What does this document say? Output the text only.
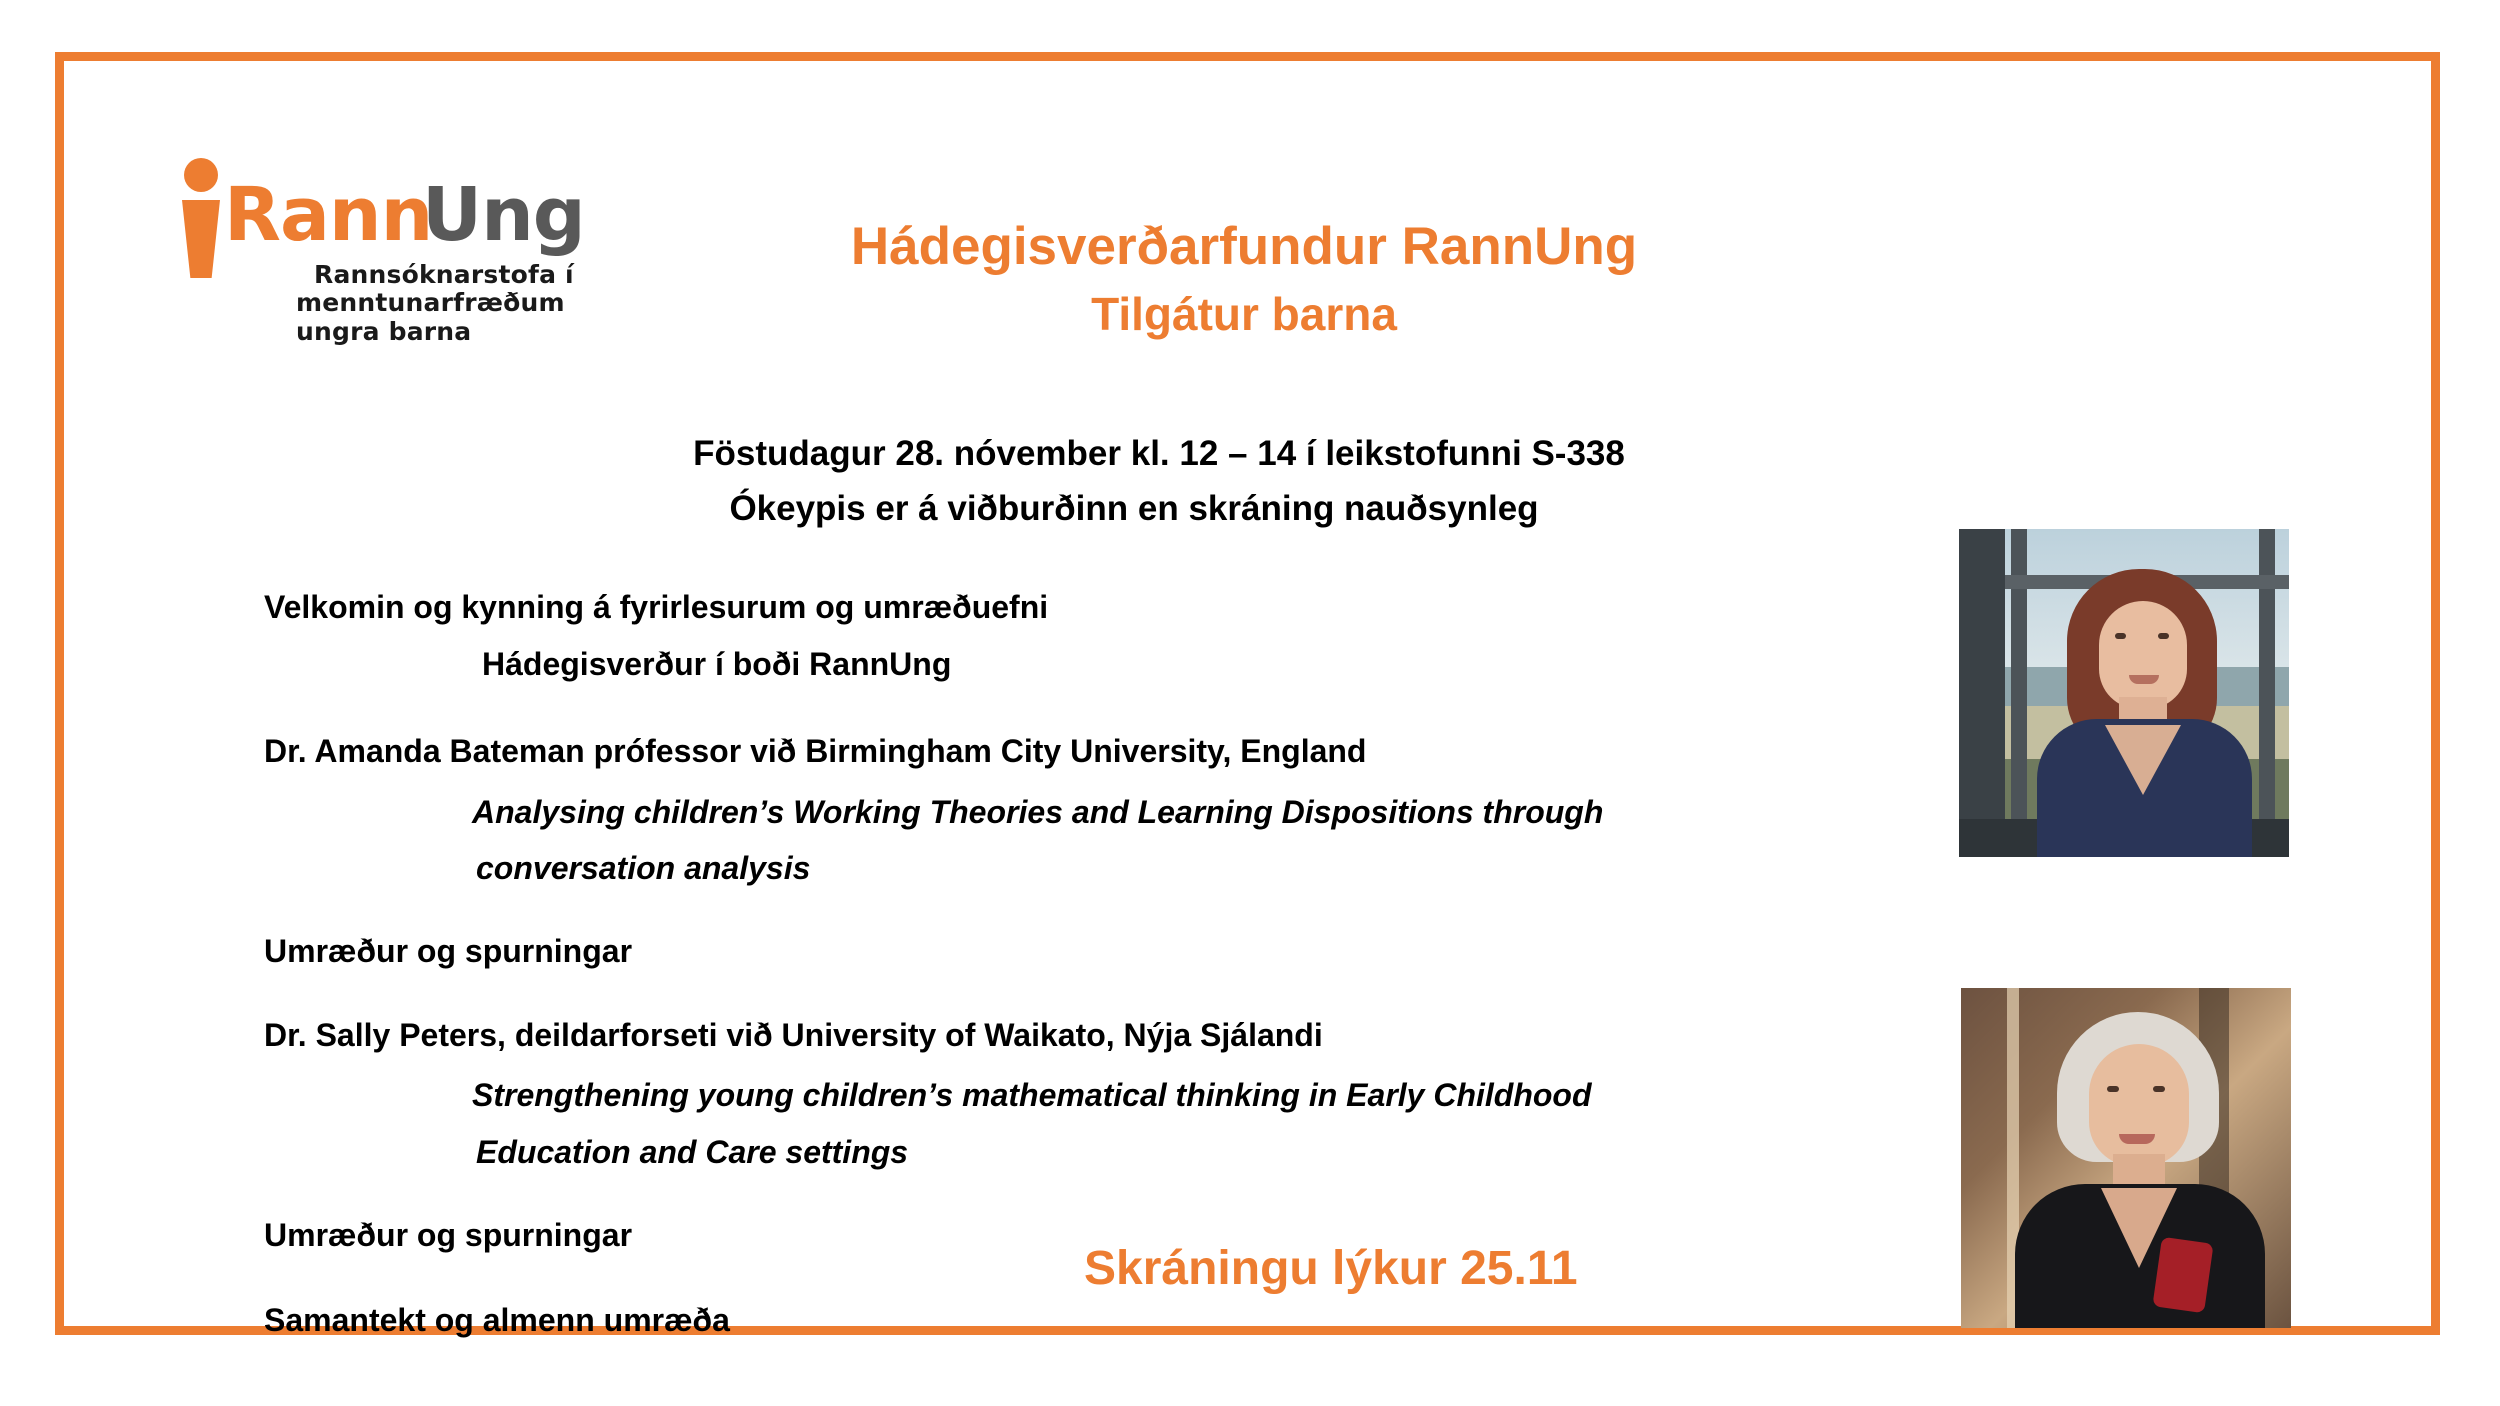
Rann
Ung
Rannsóknarstofa í
menntunarfræðum ungra barna
Hádegisverðarfundur RannUng
Tilgátur barna
Föstudagur 28. nóvember kl. 12 – 14 í leikstofunni S-338
Ókeypis er á viðburðinn en skráning nauðsynleg
Velkomin og kynning á fyrirlesurum og umræðuefni
Hádegisverður í boði RannUng
Dr. Amanda Bateman prófessor við Birmingham City University, England
Analysing children’s Working Theories and Learning Dispositions through
conversation analysis
Umræður og spurningar
Dr. Sally Peters, deildarforseti við University of Waikato, Nýja Sjálandi
Strengthening young children’s mathematical thinking in Early Childhood
Education and Care settings
Umræður og spurningar
Samantekt og almenn umræða
Skráningu lýkur 25.11
